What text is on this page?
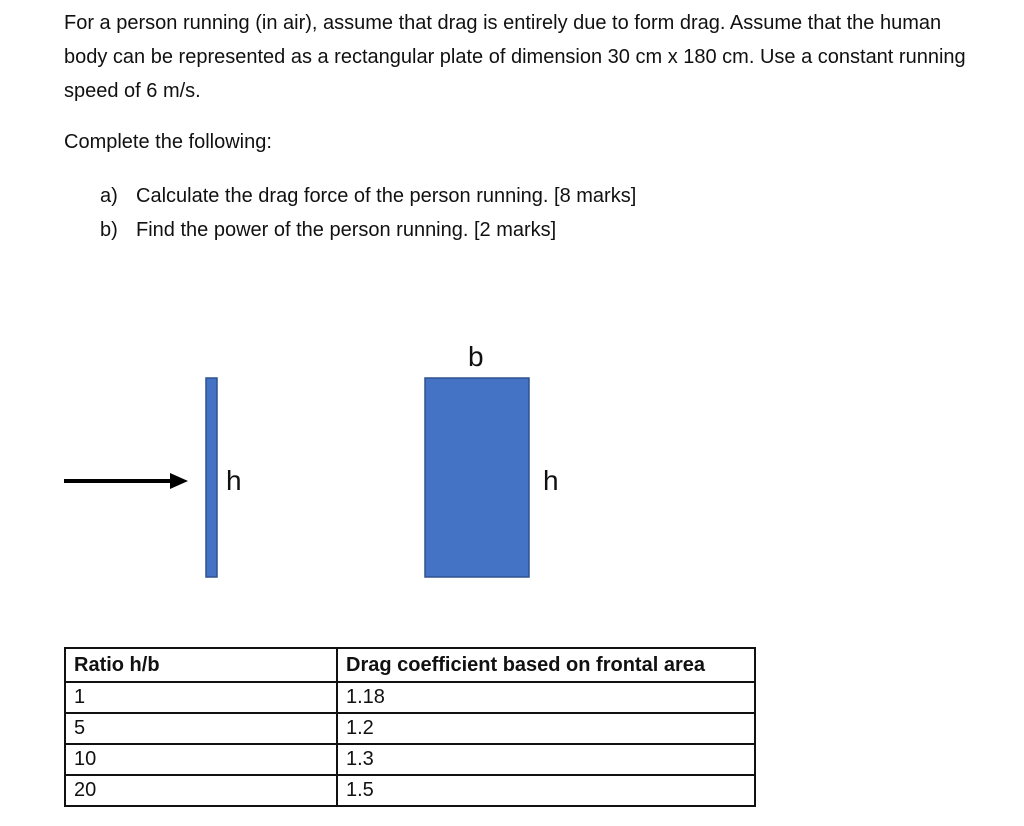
For a person running (in air), assume that drag is entirely due to form drag. Assume that the human body can be represented as a rectangular plate of dimension 30 cm x 180 cm. Use a constant running speed of 6 m/s.

Complete the following:

a) Calculate the drag force of the person running. [8 marks]
b) Find the power of the person running. [2 marks]
h
b
h
Ratio h/b	Drag coefficient based on frontal area
1	1.18
5	1.2
10	1.3
20	1.5
